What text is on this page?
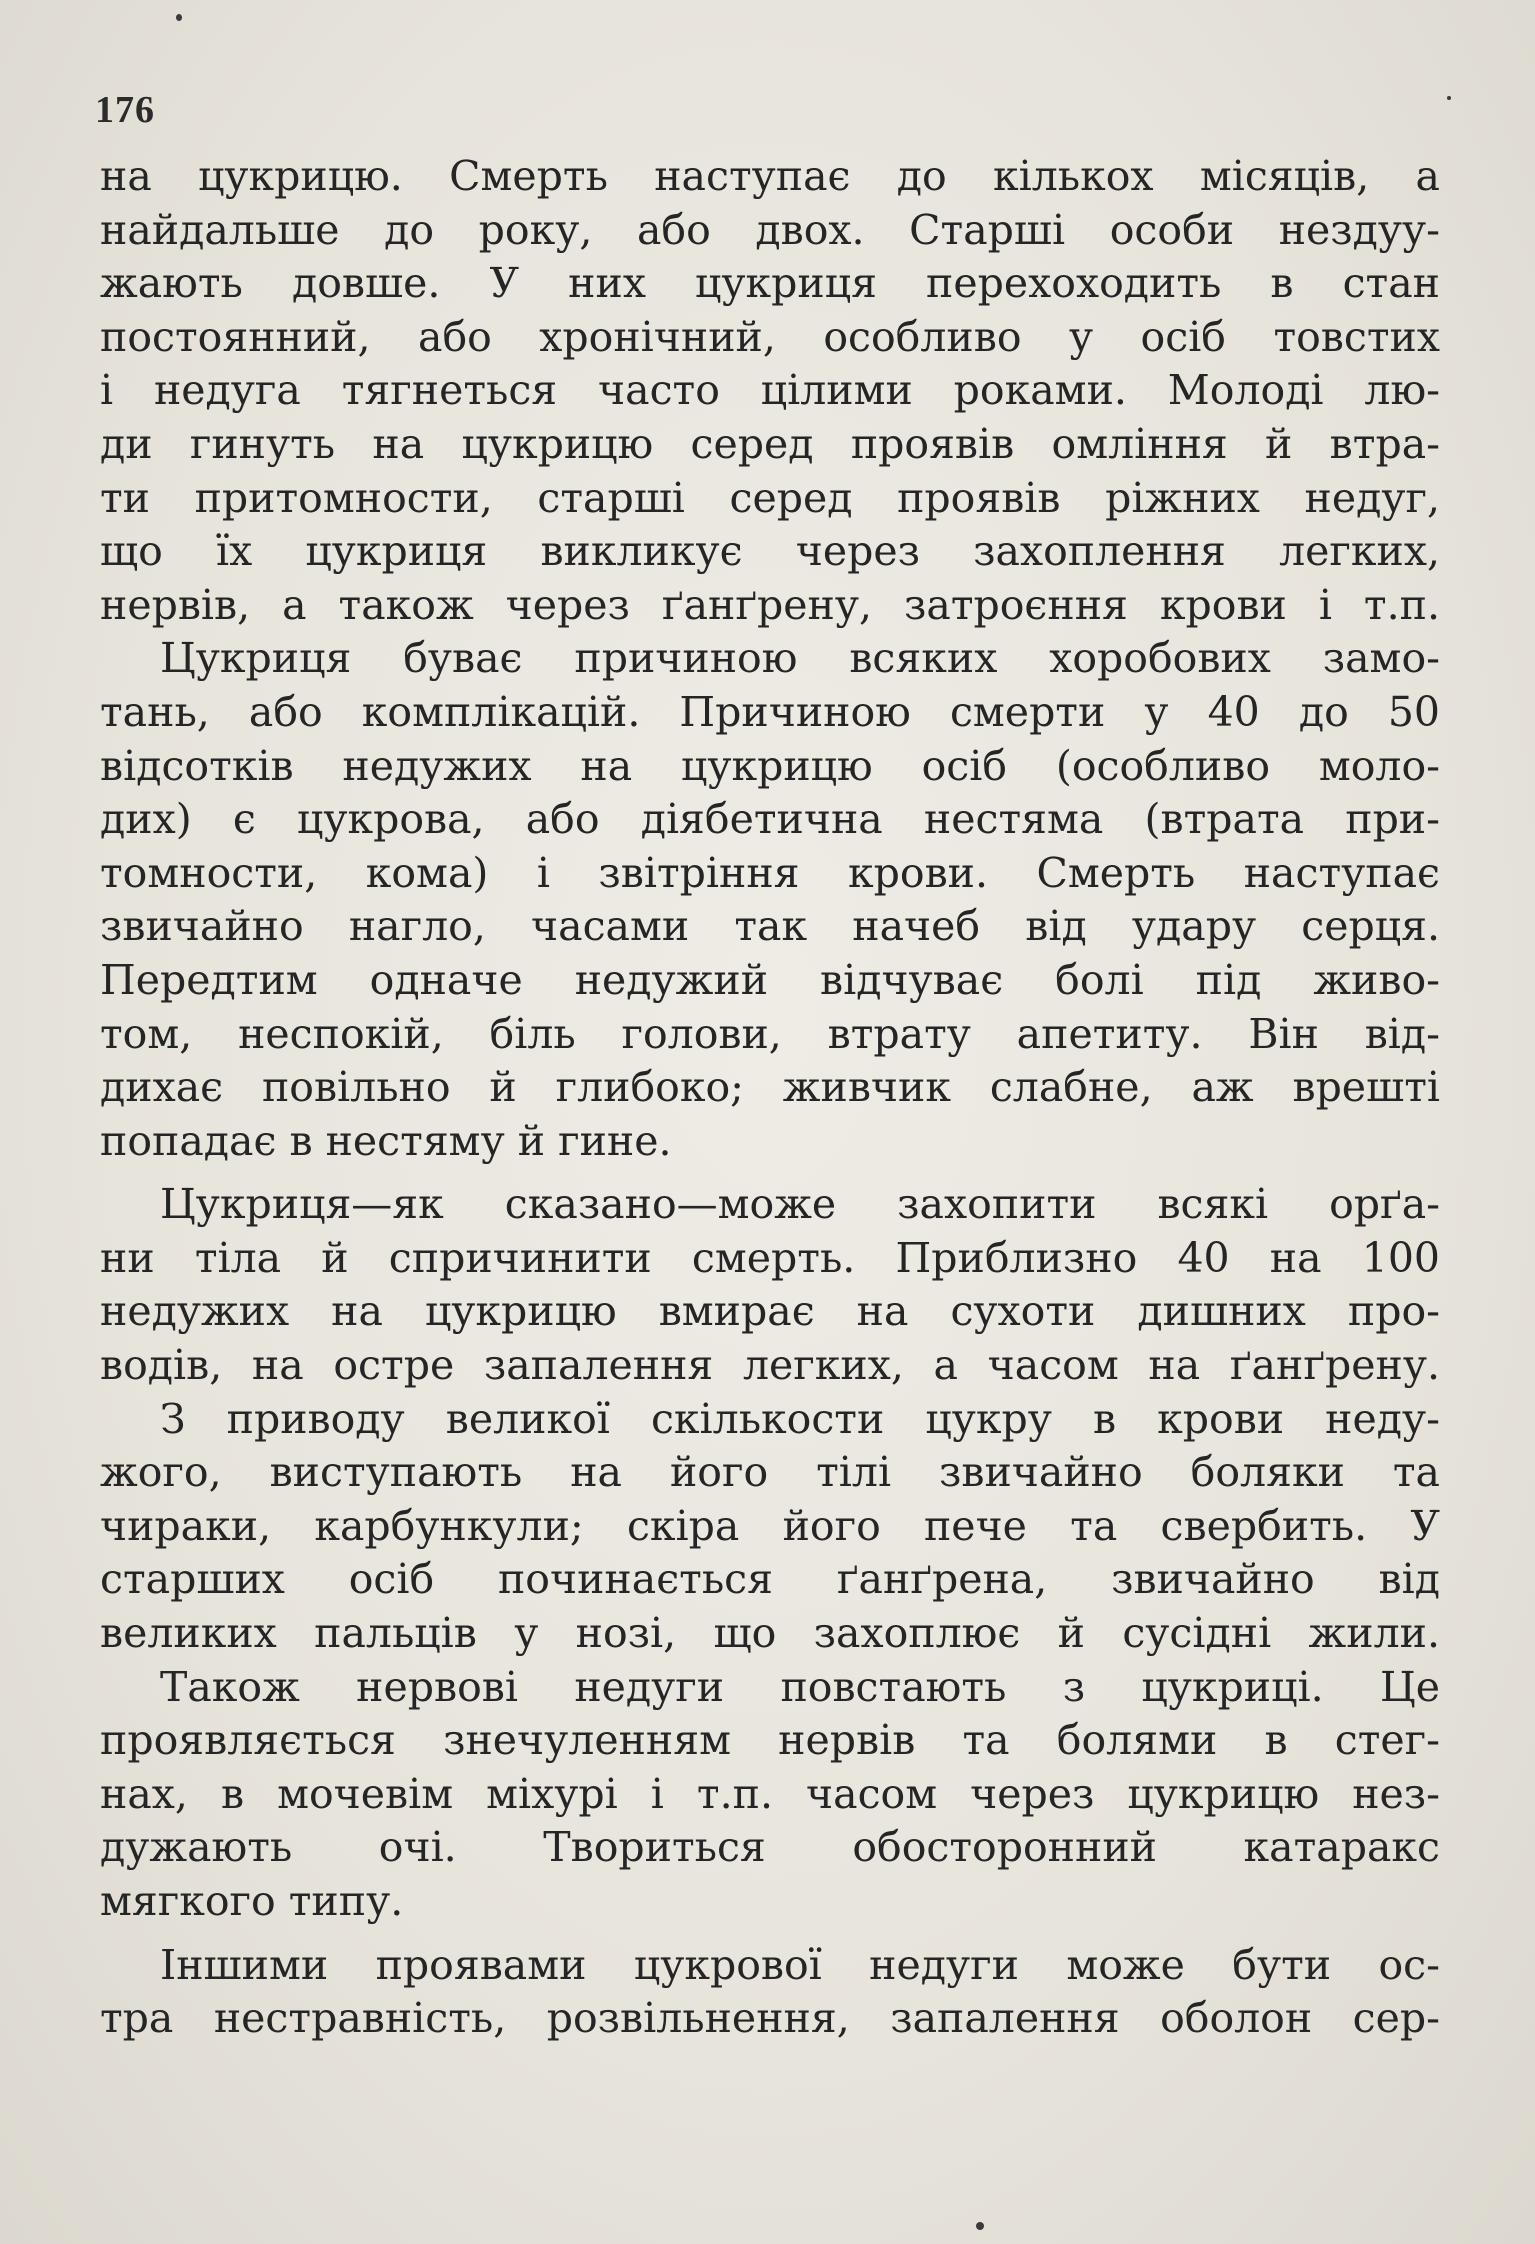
176
на цукрицю. Смерть наступає до кількох місяців, а
найдальше до року, або двох. Старші особи нездуу-
жають довше. У них цукриця перехоходить в стан
постоянний, або хронічний, особливо у осіб товстих
і недуга тягнеться часто цілими роками. Молоді лю-
ди гинуть на цукрицю серед проявів омління й втра-
ти притомности, старші серед проявів ріжних недуг,
що їх цукриця викликує через захоплення легких,
нервів, а також через ґанґрену, затроєння крови і т.п.
Цукриця буває причиною всяких хоробових замо-
тань, або комплікацій. Причиною смерти у 40 до 50
відсотків недужих на цукрицю осіб (особливо моло-
дих) є цукрова, або діябетична нестяма (втрата при-
томности, кома) і звітріння крови. Смерть наступає
звичайно нагло, часами так начеб від удару серця.
Передтим одначе недужий відчуває болі під живо-
том, неспокій, біль голови, втрату апетиту. Він від-
дихає повільно й глибоко; живчик слабне, аж врешті
попадає в нестяму й гине.
Цукриця—як сказано—може захопити всякі орґа-
ни тіла й спричинити смерть. Приблизно 40 на 100
недужих на цукрицю вмирає на сухоти дишних про-
водів, на остре запалення легких, а часом на ґанґрену.
З приводу великої скількости цукру в крови неду-
жого, виступають на його тілі звичайно боляки та
чираки, карбункули; скіра його пече та свербить. У
старших осіб починається ґанґрена, звичайно від
великих пальців у нозі, що захоплює й сусідні жили.
Також нервові недуги повстають з цукриці. Це
проявляється знечуленням нервів та болями в стег-
нах, в мочевім міхурі і т.п. часом через цукрицю нез-
дужають очі. Твориться обосторонний катаракс
мягкого типу.
Іншими проявами цукрової недуги може бути ос-
тра нестравність, розвільнення, запалення оболон сер-
